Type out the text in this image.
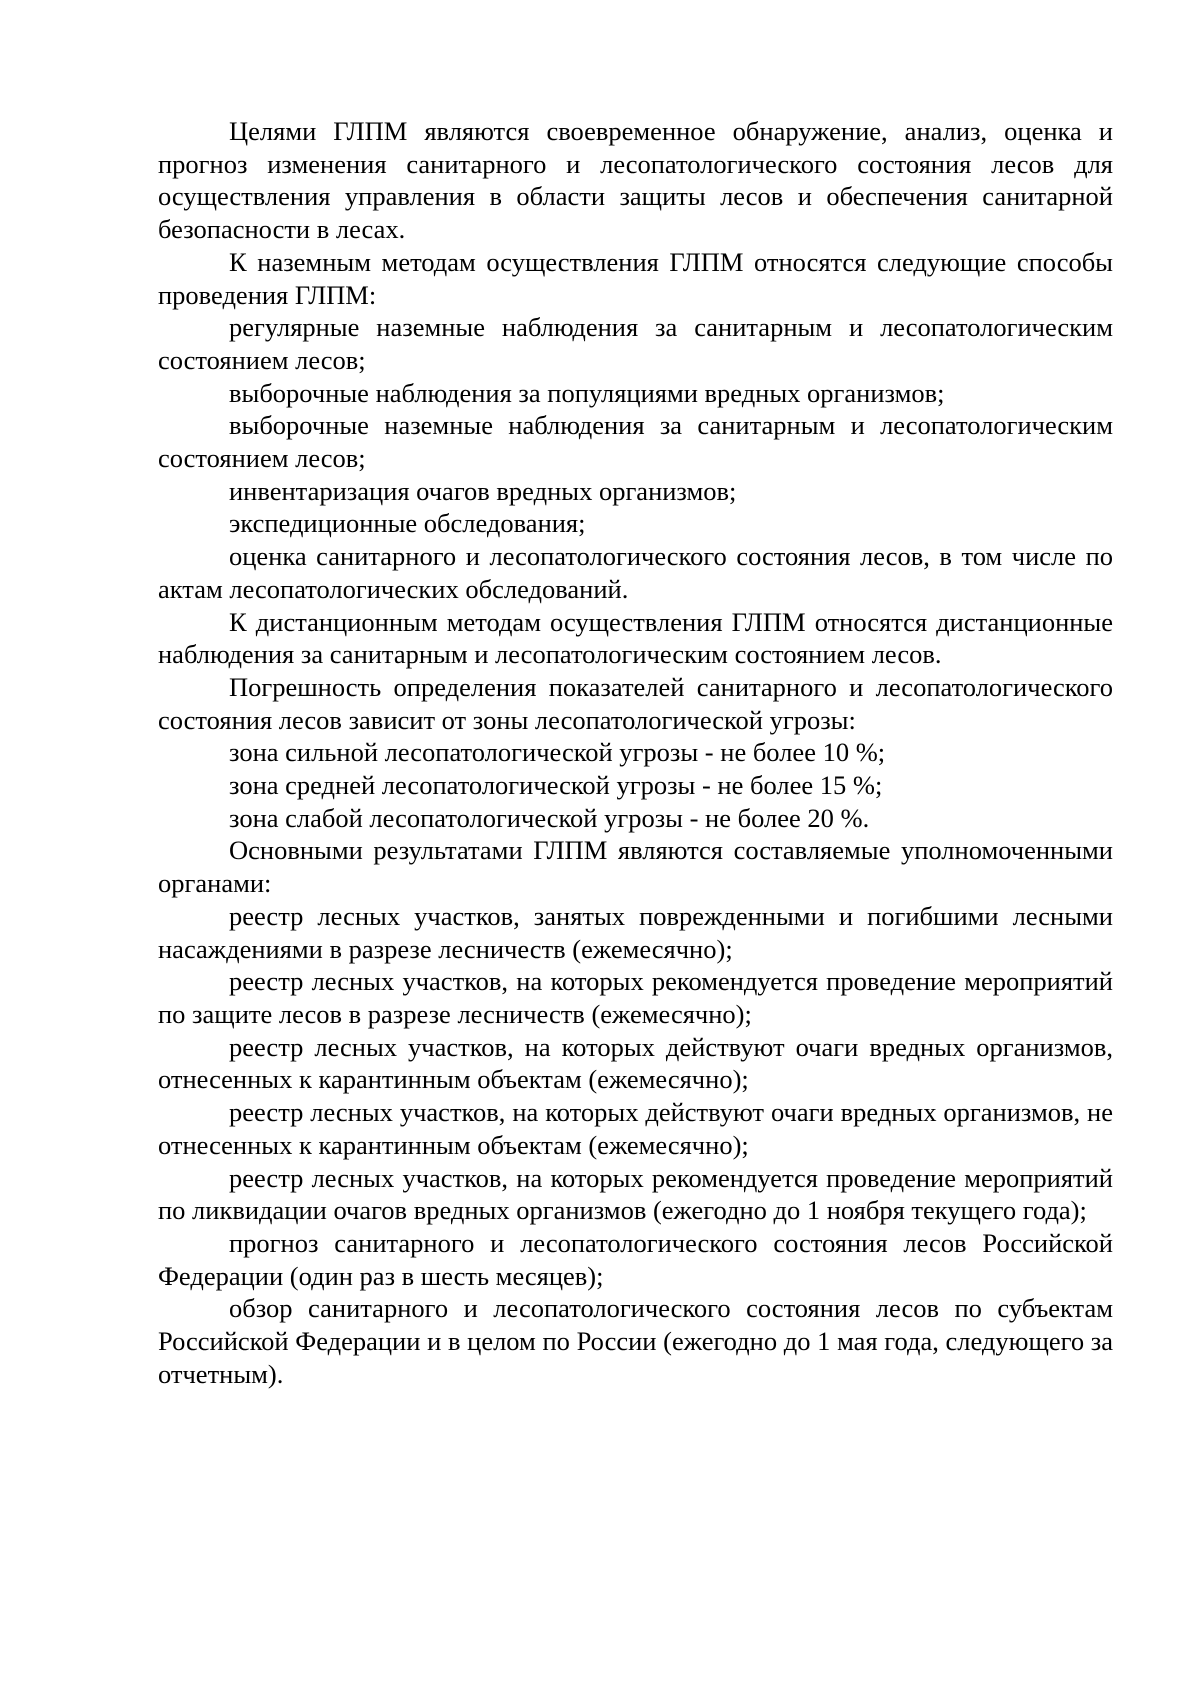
Целями ГЛПМ являются своевременное обнаружение, анализ, оценка и прогноз изменения санитарного и лесопатологического состояния лесов для осуществления управления в области защиты лесов и обеспечения санитарной безопасности в лесах.

К наземным методам осуществления ГЛПМ относятся следующие способы проведения ГЛПМ:

регулярные наземные наблюдения за санитарным и лесопатологическим состоянием лесов;

выборочные наблюдения за популяциями вредных организмов;

выборочные наземные наблюдения за санитарным и лесопатологическим состоянием лесов;

инвентаризация очагов вредных организмов;

экспедиционные обследования;

оценка санитарного и лесопатологического состояния лесов, в том числе по актам лесопатологических обследований.

К дистанционным методам осуществления ГЛПМ относятся дистанционные наблюдения за санитарным и лесопатологическим состоянием лесов.

Погрешность определения показателей санитарного и лесопатологического состояния лесов зависит от зоны лесопатологической угрозы:

зона сильной лесопатологической угрозы - не более 10 %;

зона средней лесопатологической угрозы - не более 15 %;

зона слабой лесопатологической угрозы - не более 20 %.

Основными результатами ГЛПМ являются составляемые уполномоченными органами:

реестр лесных участков, занятых поврежденными и погибшими лесными насаждениями в разрезе лесничеств (ежемесячно);

реестр лесных участков, на которых рекомендуется проведение мероприятий по защите лесов в разрезе лесничеств (ежемесячно);

реестр лесных участков, на которых действуют очаги вредных организмов, отнесенных к карантинным объектам (ежемесячно);

реестр лесных участков, на которых действуют очаги вредных организмов, не отнесенных к карантинным объектам (ежемесячно);

реестр лесных участков, на которых рекомендуется проведение мероприятий по ликвидации очагов вредных организмов (ежегодно до 1 ноября текущего года);

прогноз санитарного и лесопатологического состояния лесов Российской Федерации (один раз в шесть месяцев);

обзор санитарного и лесопатологического состояния лесов по субъектам Российской Федерации и в целом по России (ежегодно до 1 мая года, следующего за отчетным).
